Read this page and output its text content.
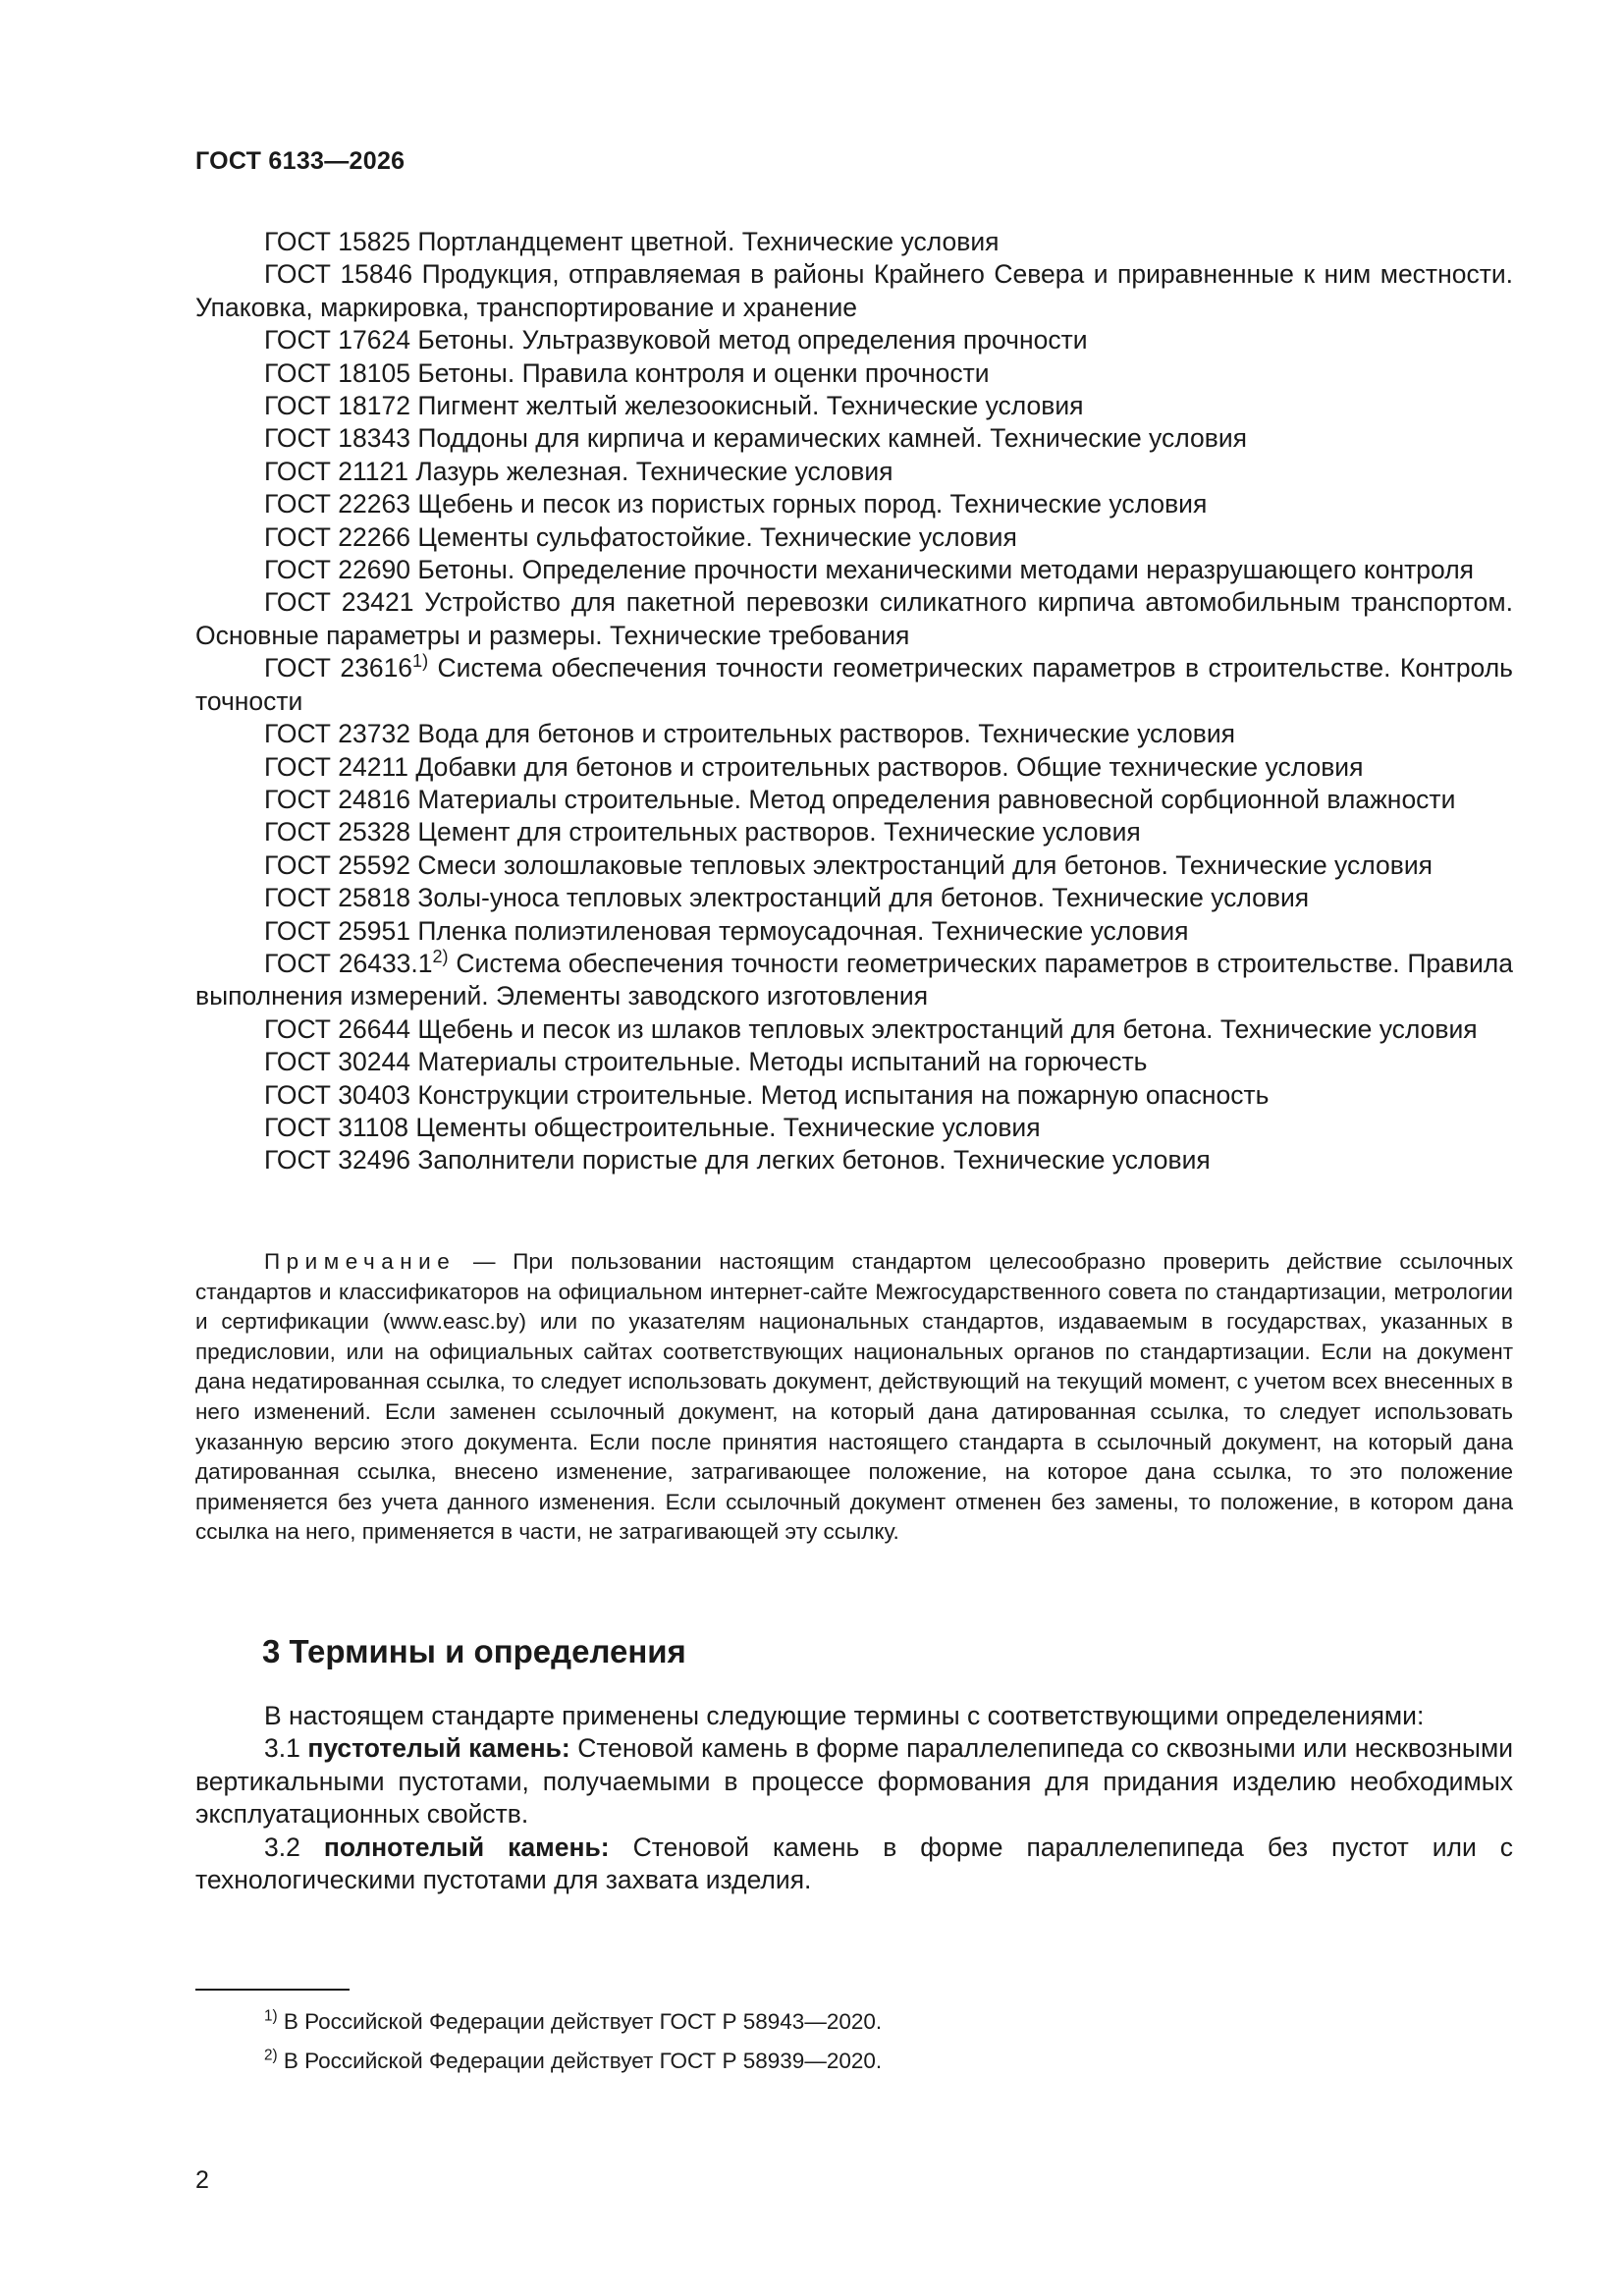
ГОСТ 6133—2026
ГОСТ 15825 Портландцемент цветной. Технические условия
ГОСТ 15846 Продукция, отправляемая в районы Крайнего Севера и приравненные к ним местности. Упаковка, маркировка, транспортирование и хранение
ГОСТ 17624 Бетоны. Ультразвуковой метод определения прочности
ГОСТ 18105 Бетоны. Правила контроля и оценки прочности
ГОСТ 18172 Пигмент желтый железоокисный. Технические условия
ГОСТ 18343 Поддоны для кирпича и керамических камней. Технические условия
ГОСТ 21121 Лазурь железная. Технические условия
ГОСТ 22263 Щебень и песок из пористых горных пород. Технические условия
ГОСТ 22266 Цементы сульфатостойкие. Технические условия
ГОСТ 22690 Бетоны. Определение прочности механическими методами неразрушающего контроля
ГОСТ 23421 Устройство для пакетной перевозки силикатного кирпича автомобильным транспортом. Основные параметры и размеры. Технические требования
ГОСТ 23616$^{1)}$ Система обеспечения точности геометрических параметров в строительстве. Контроль точности
ГОСТ 23732 Вода для бетонов и строительных растворов. Технические условия
ГОСТ 24211 Добавки для бетонов и строительных растворов. Общие технические условия
ГОСТ 24816 Материалы строительные. Метод определения равновесной сорбционной влажности
ГОСТ 25328 Цемент для строительных растворов. Технические условия
ГОСТ 25592 Смеси золошлаковые тепловых электростанций для бетонов. Технические условия
ГОСТ 25818 Золы-уноса тепловых электростанций для бетонов. Технические условия
ГОСТ 25951 Пленка полиэтиленовая термоусадочная. Технические условия
ГОСТ 26433.1$^{2)}$ Система обеспечения точности геометрических параметров в строительстве. Правила выполнения измерений. Элементы заводского изготовления
ГОСТ 26644 Щебень и песок из шлаков тепловых электростанций для бетона. Технические условия
ГОСТ 30244 Материалы строительные. Методы испытаний на горючесть
ГОСТ 30403 Конструкции строительные. Метод испытания на пожарную опасность
ГОСТ 31108 Цементы общестроительные. Технические условия
ГОСТ 32496 Заполнители пористые для легких бетонов. Технические условия

Примечание — При пользовании настоящим стандартом целесообразно проверить действие ссылочных стандартов и классификаторов на официальном интернет-сайте Межгосударственного совета по стандартизации, метрологии и сертификации (www.easc.by) или по указателям национальных стандартов, издаваемым в государствах, указанных в предисловии, или на официальных сайтах соответствующих национальных органов по стандартизации. Если на документ дана недатированная ссылка, то следует использовать документ, действующий на текущий момент, с учетом всех внесенных в него изменений. Если заменен ссылочный документ, на который дана датированная ссылка, то следует использовать указанную версию этого документа. Если после принятия настоящего стандарта в ссылочный документ, на который дана датированная ссылка, внесено изменение, затрагивающее положение, на которое дана ссылка, то это положение применяется без учета данного изменения. Если ссылочный документ отменен без замены, то положение, в котором дана ссылка на него, применяется в части, не затрагивающей эту ссылку.

3 Термины и определения

В настоящем стандарте применены следующие термины с соответствующими определениями:

3.1 пустотелый камень: Стеновой камень в форме параллелепипеда со сквозными или несквозными вертикальными пустотами, получаемыми в процессе формования для придания изделию необходимых эксплуатационных свойств.

3.2 полнотелый камень: Стеновой камень в форме параллелепипеда без пустот или с технологическими пустотами для захвата изделия.

$^{1)}$ В Российской Федерации действует ГОСТ Р 58943—2020.
$^{2)}$ В Российской Федерации действует ГОСТ Р 58939—2020.
2
